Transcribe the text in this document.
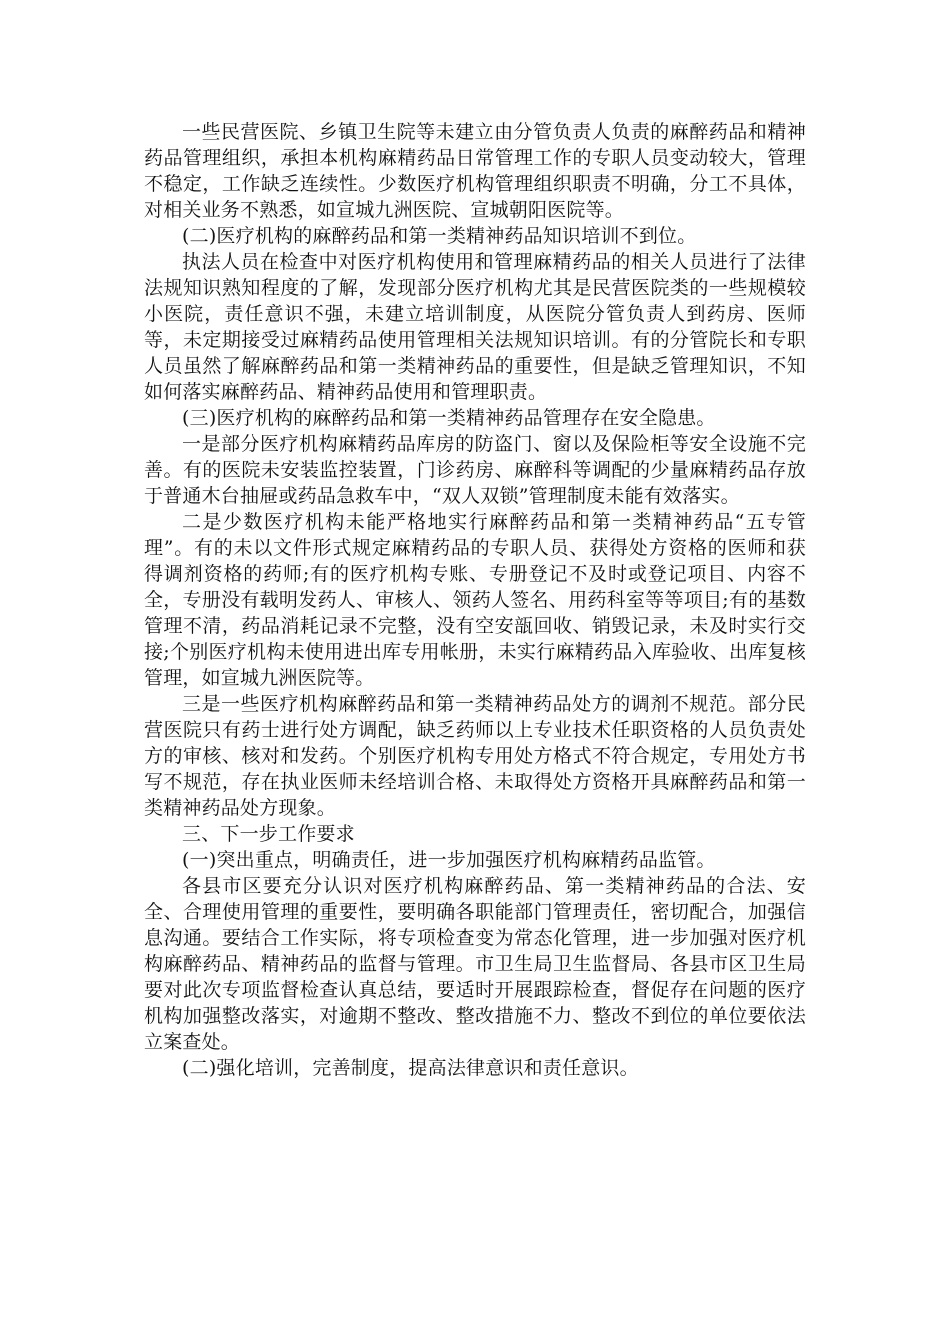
一些民营医院、乡镇卫生院等未建立由分管负责人负责的麻醉药品和精神药品管理组织，承担本机构麻精药品日常管理工作的专职人员变动较大，管理不稳定，工作缺乏连续性。少数医疗机构管理组织职责不明确，分工不具体，对相关业务不熟悉，如宣城九洲医院、宣城朝阳医院等。

(二)医疗机构的麻醉药品和第一类精神药品知识培训不到位。

执法人员在检查中对医疗机构使用和管理麻精药品的相关人员进行了法律法规知识熟知程度的了解，发现部分医疗机构尤其是民营医院类的一些规模较小医院，责任意识不强，未建立培训制度，从医院分管负责人到药房、医师等，未定期接受过麻精药品使用管理相关法规知识培训。有的分管院长和专职人员虽然了解麻醉药品和第一类精神药品的重要性，但是缺乏管理知识，不知如何落实麻醉药品、精神药品使用和管理职责。

(三)医疗机构的麻醉药品和第一类精神药品管理存在安全隐患。

一是部分医疗机构麻精药品库房的防盗门、窗以及保险柜等安全设施不完善。有的医院未安装监控装置，门诊药房、麻醉科等调配的少量麻精药品存放于普通木台抽屉或药品急救车中，“双人双锁”管理制度未能有效落实。

二是少数医疗机构未能严格地实行麻醉药品和第一类精神药品“五专管理”。有的未以文件形式规定麻精药品的专职人员、获得处方资格的医师和获得调剂资格的药师;有的医疗机构专账、专册登记不及时或登记项目、内容不全，专册没有载明发药人、审核人、领药人签名、用药科室等等项目;有的基数管理不清，药品消耗记录不完整，没有空安瓿回收、销毁记录，未及时实行交接;个别医疗机构未使用进出库专用帐册，未实行麻精药品入库验收、出库复核管理，如宣城九洲医院等。

三是一些医疗机构麻醉药品和第一类精神药品处方的调剂不规范。部分民营医院只有药士进行处方调配，缺乏药师以上专业技术任职资格的人员负责处方的审核、核对和发药。个别医疗机构专用处方格式不符合规定，专用处方书写不规范，存在执业医师未经培训合格、未取得处方资格开具麻醉药品和第一类精神药品处方现象。

三、下一步工作要求

(一)突出重点，明确责任，进一步加强医疗机构麻精药品监管。

各县市区要充分认识对医疗机构麻醉药品、第一类精神药品的合法、安全、合理使用管理的重要性，要明确各职能部门管理责任，密切配合，加强信息沟通。要结合工作实际，将专项检查变为常态化管理，进一步加强对医疗机构麻醉药品、精神药品的监督与管理。市卫生局卫生监督局、各县市区卫生局要对此次专项监督检查认真总结，要适时开展跟踪检查，督促存在问题的医疗机构加强整改落实，对逾期不整改、整改措施不力、整改不到位的单位要依法立案查处。

(二)强化培训，完善制度，提高法律意识和责任意识。
